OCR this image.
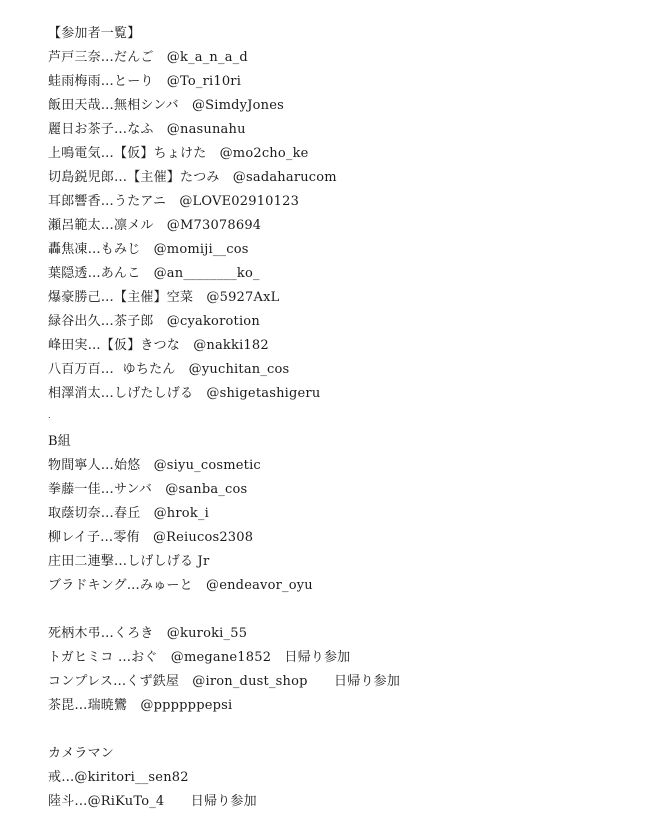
【参加者一覧】
芦戸三奈…だんご　@k_a_n_a_d
蛙雨梅雨…とーり　@To_ri10ri
飯田天哉…無相シンバ　@SimdyJones
麗日お茶子…なふ　@nasunahu
上鳴電気…【仮】ちょけた　@mo2cho_ke
切島鋭児郎…【主催】たつみ　@sadaharucom
耳郎響香…うたアニ　@LOVE02910123
瀬呂範太…凛メル　@M73078694
轟焦凍…もみじ　@momiji__cos
葉隠透…あんこ　@an________ko_
爆豪勝己…【主催】空菜　@5927AxL
緑谷出久…茶子郎　@cyakorotion
峰田実…【仮】きつな　@nakki182
八百万百…  ゆちたん　@yuchitan_cos
相澤消太…しげたしげる　@shigetashigeru
.
B組
物間寧人…始悠　@siyu_cosmetic
拳藤一佳…サンバ　@sanba_cos
取蔭切奈…春丘　@hrok_i
柳レイ子…零侑　@Reiucos2308
庄田二連撃…しげしげる Jr
ブラドキング…みゅーと　@endeavor_oyu
死柄木弔…くろき　@kuroki_55
トガヒミコ …おぐ　@megane1852　日帰り参加
コンプレス…くず鉄屋　@iron_dust_shop　　日帰り参加
茶毘…瑞暁鸞　@ppppppepsi
カメラマン
戒…@kiritori__sen82
陸斗…@RiKuTo_4　　日帰り参加
